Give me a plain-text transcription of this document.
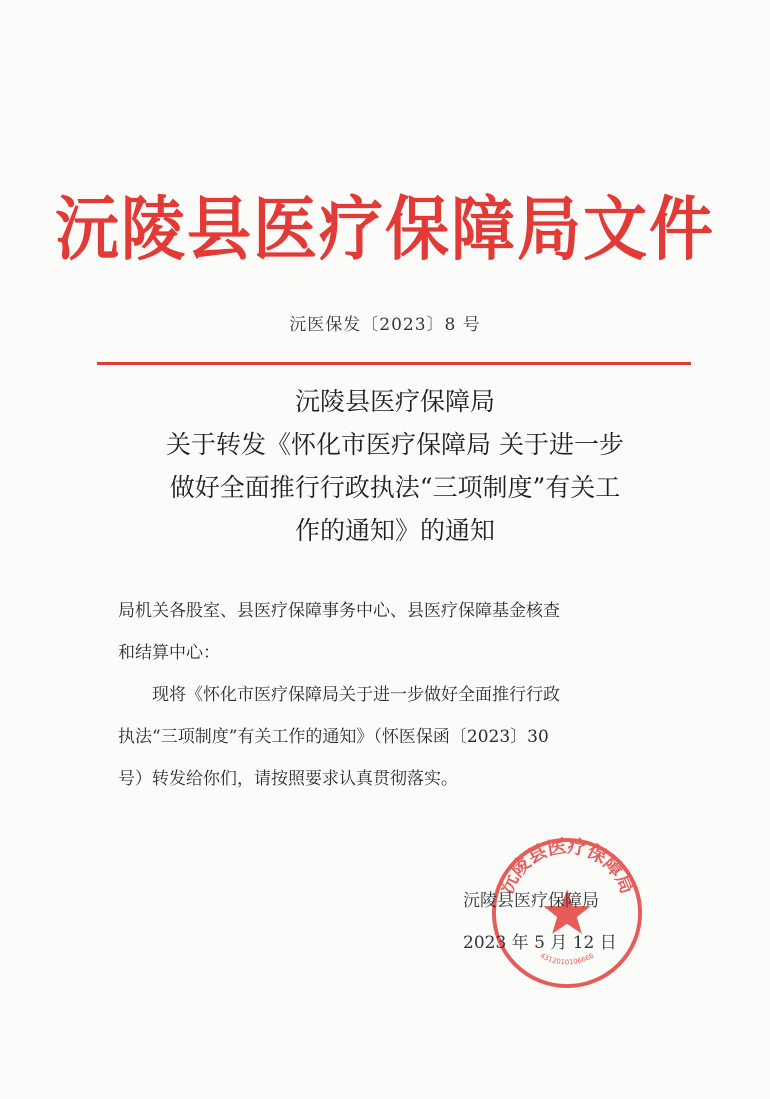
沅陵县医疗保障局文件
沅医保发〔2023〕8 号
沅陵县医疗保障局
关于转发《怀化市医疗保障局 关于进一步
做好全面推行行政执法“三项制度”有关工
作的通知》的通知

局机关各股室、县医疗保障事务中心、县医疗保障基金核查

和结算中心：

现将《怀化市医疗保障局关于进一步做好全面推行行政

执法“三项制度”有关工作的通知》（怀医保函〔2023〕30

号）转发给你们，请按照要求认真贯彻落实。

沅陵县医疗保障局
4312010106666
沅陵县医疗保障局
2023 年 5 月 12 日
